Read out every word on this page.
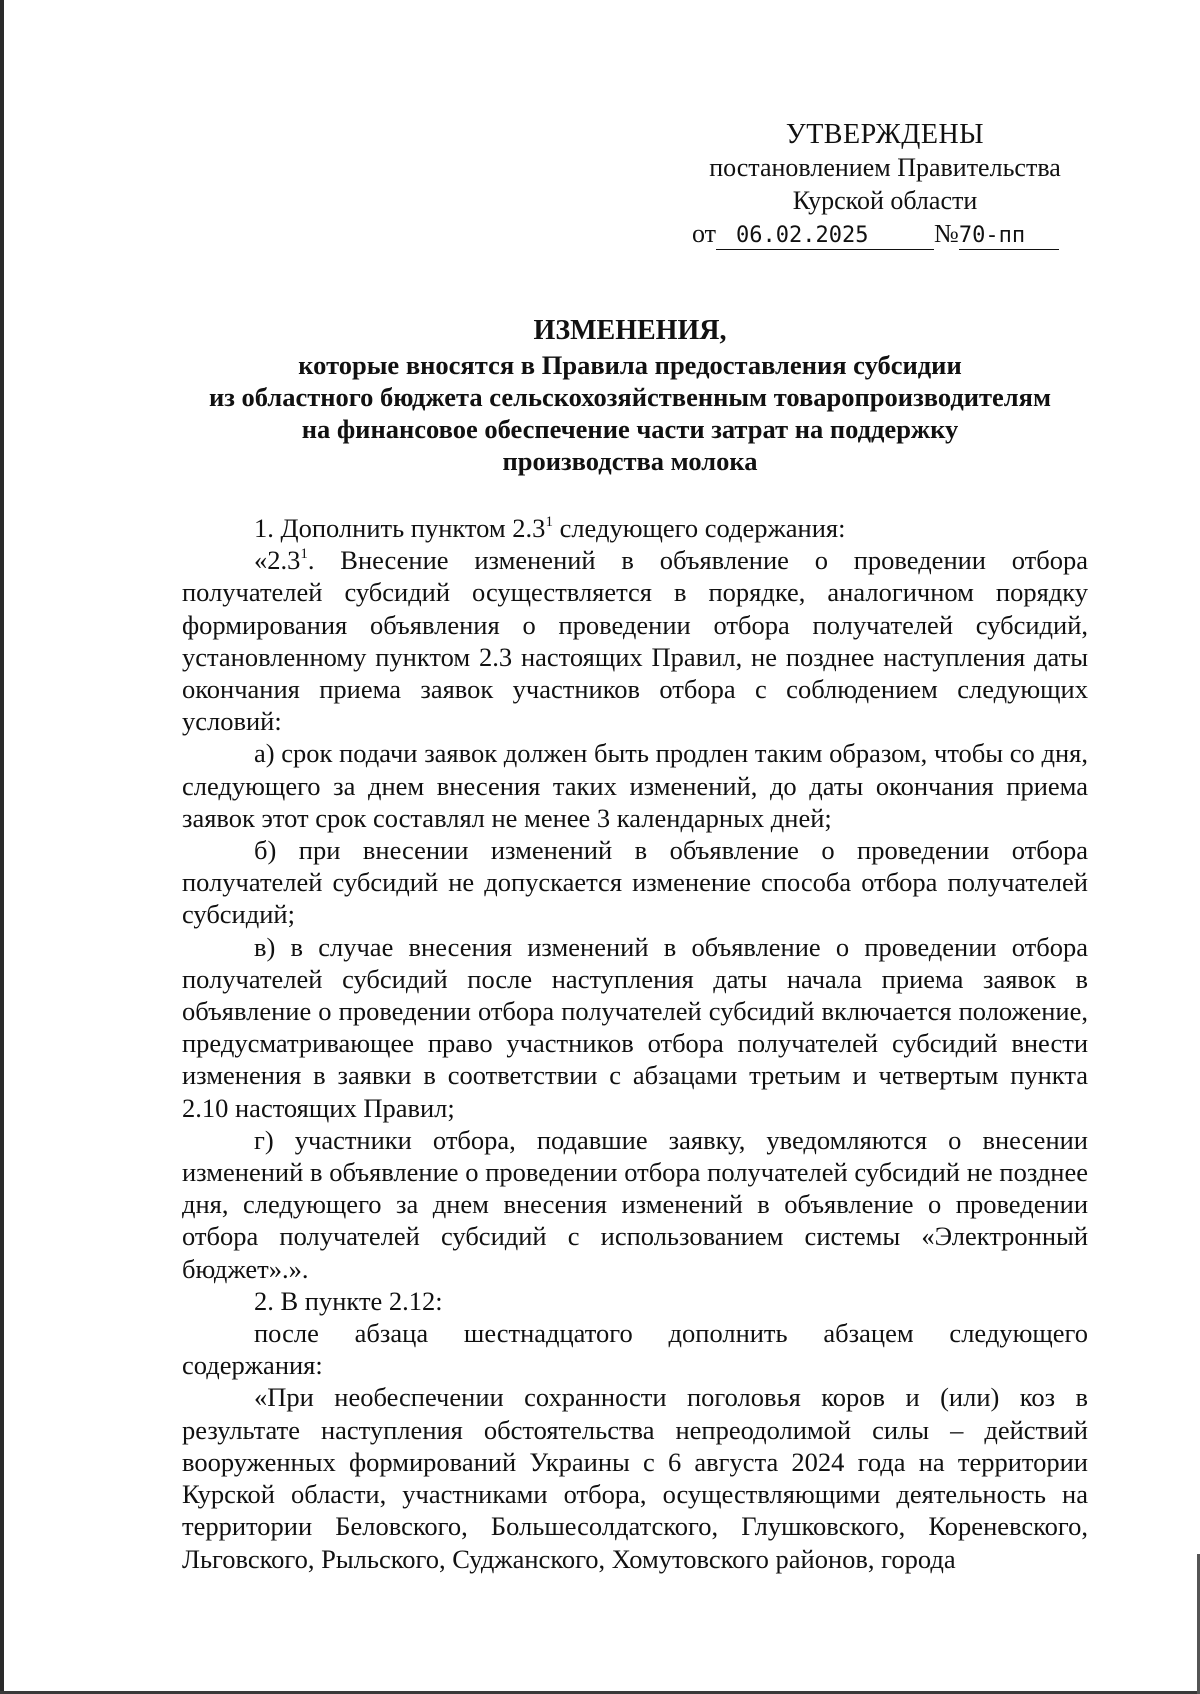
УТВЕРЖДЕНЫ
постановлением Правительства
Курской области
от 06.02.2025	№70-пп
ИЗМЕНЕНИЯ,
которые вносятся в Правила предоставления субсидии
из областного бюджета сельскохозяйственным товаропроизводителям
на финансовое обеспечение части затрат на поддержку
производства молока

1. Дополнить пунктом $2.3^1$ следующего содержания:

«$2.3^1$. Внесение изменений в объявление о проведении отбора получателей субсидий осуществляется в порядке, аналогичном порядку формирования объявления о проведении отбора получателей субсидий, установленному пунктом 2.3 настоящих Правил, не позднее наступления даты окончания приема заявок участников отбора с соблюдением следующих условий:

а) срок подачи заявок должен быть продлен таким образом, чтобы со дня, следующего за днем внесения таких изменений, до даты окончания приема заявок этот срок составлял не менее 3 календарных дней;

б) при внесении изменений в объявление о проведении отбора получателей субсидий не допускается изменение способа отбора получателей субсидий;

в) в случае внесения изменений в объявление о проведении отбора получателей субсидий после наступления даты начала приема заявок в объявление о проведении отбора получателей субсидий включается положение, предусматривающее право участников отбора получателей субсидий внести изменения в заявки в соответствии с абзацами третьим и четвертым пункта 2.10 настоящих Правил;

г) участники отбора, подавшие заявку, уведомляются о внесении изменений в объявление о проведении отбора получателей субсидий не позднее дня, следующего за днем внесения изменений в объявление о проведении отбора получателей субсидий с использованием системы «Электронный бюджет».».

2. В пункте 2.12:

после абзаца шестнадцатого дополнить абзацем следующего содержания:

«При необеспечении сохранности поголовья коров и (или) коз в результате наступления обстоятельства непреодолимой силы – действий вооруженных формирований Украины с 6 августа 2024 года на территории Курской области, участниками отбора, осуществляющими деятельность на территории Беловского, Большесолдатского, Глушковского, Кореневского, Льговского, Рыльского, Суджанского, Хомутовского районов, города
